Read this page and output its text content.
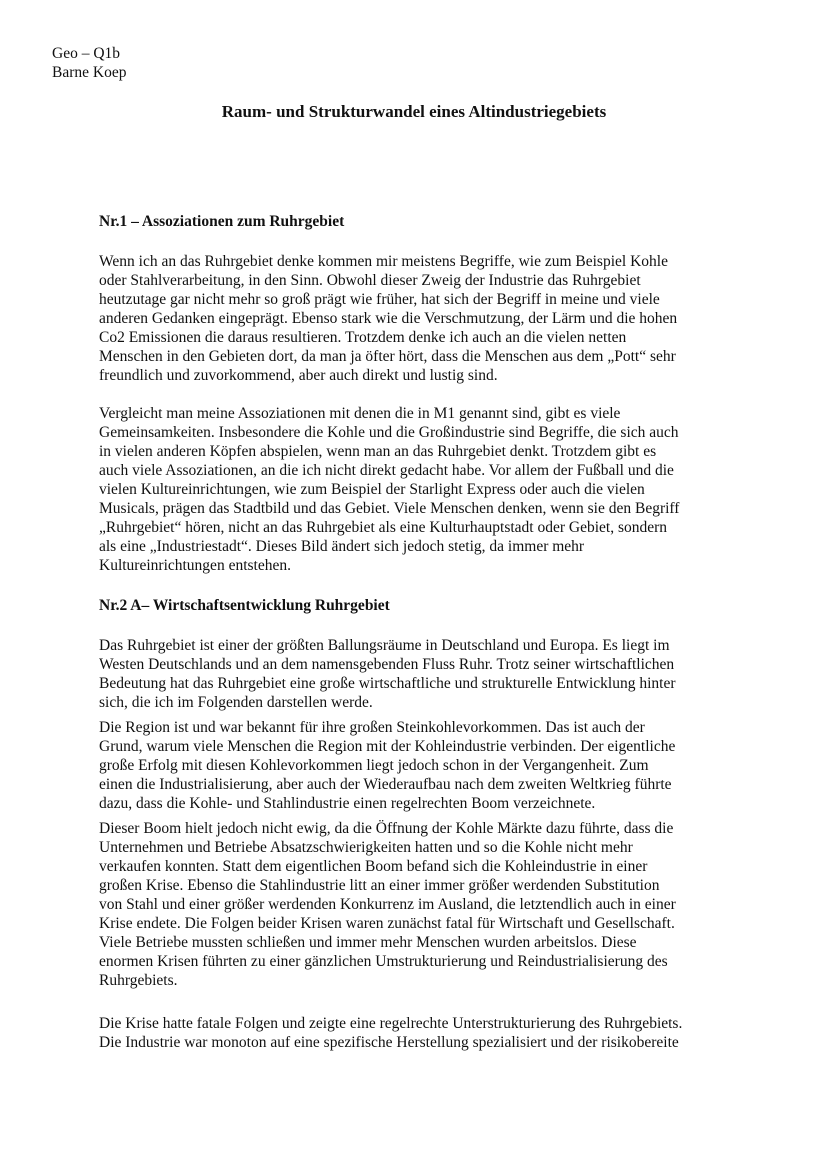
Geo – Q1b
Barne Koep
Raum- und Strukturwandel eines Altindustriegebiets
Nr.1 – Assoziationen zum Ruhrgebiet
Wenn ich an das Ruhrgebiet denke kommen mir meistens Begriffe, wie zum Beispiel Kohle
oder Stahlverarbeitung, in den Sinn. Obwohl dieser Zweig der Industrie das Ruhrgebiet
heutzutage gar nicht mehr so groß prägt wie früher, hat sich der Begriff in meine und viele
anderen Gedanken eingeprägt. Ebenso stark wie die Verschmutzung, der Lärm und die hohen
Co2 Emissionen die daraus resultieren. Trotzdem denke ich auch an die vielen netten
Menschen in den Gebieten dort, da man ja öfter hört, dass die Menschen aus dem „Pott“ sehr
freundlich und zuvorkommend, aber auch direkt und lustig sind.
Vergleicht man meine Assoziationen mit denen die in M1 genannt sind, gibt es viele
Gemeinsamkeiten. Insbesondere die Kohle und die Großindustrie sind Begriffe, die sich auch
in vielen anderen Köpfen abspielen, wenn man an das Ruhrgebiet denkt. Trotzdem gibt es
auch viele Assoziationen, an die ich nicht direkt gedacht habe. Vor allem der Fußball und die
vielen Kultureinrichtungen, wie zum Beispiel der Starlight Express oder auch die vielen
Musicals, prägen das Stadtbild und das Gebiet. Viele Menschen denken, wenn sie den Begriff
„Ruhrgebiet“ hören, nicht an das Ruhrgebiet als eine Kulturhauptstadt oder Gebiet, sondern
als eine „Industriestadt“. Dieses Bild ändert sich jedoch stetig, da immer mehr
Kultureinrichtungen entstehen.
Nr.2 A– Wirtschaftsentwicklung Ruhrgebiet
Das Ruhrgebiet ist einer der größten Ballungsräume in Deutschland und Europa. Es liegt im
Westen Deutschlands und an dem namensgebenden Fluss Ruhr. Trotz seiner wirtschaftlichen
Bedeutung hat das Ruhrgebiet eine große wirtschaftliche und strukturelle Entwicklung hinter
sich, die ich im Folgenden darstellen werde.
Die Region ist und war bekannt für ihre großen Steinkohlevorkommen. Das ist auch der
Grund, warum viele Menschen die Region mit der Kohleindustrie verbinden. Der eigentliche
große Erfolg mit diesen Kohlevorkommen liegt jedoch schon in der Vergangenheit. Zum
einen die Industrialisierung, aber auch der Wiederaufbau nach dem zweiten Weltkrieg führte
dazu, dass die Kohle- und Stahlindustrie einen regelrechten Boom verzeichnete.
Dieser Boom hielt jedoch nicht ewig, da die Öffnung der Kohle Märkte dazu führte, dass die
Unternehmen und Betriebe Absatzschwierigkeiten hatten und so die Kohle nicht mehr
verkaufen konnten. Statt dem eigentlichen Boom befand sich die Kohleindustrie in einer
großen Krise. Ebenso die Stahlindustrie litt an einer immer größer werdenden Substitution
von Stahl und einer größer werdenden Konkurrenz im Ausland, die letztendlich auch in einer
Krise endete. Die Folgen beider Krisen waren zunächst fatal für Wirtschaft und Gesellschaft.
Viele Betriebe mussten schließen und immer mehr Menschen wurden arbeitslos. Diese
enormen Krisen führten zu einer gänzlichen Umstrukturierung und Reindustrialisierung des
Ruhrgebiets.
Die Krise hatte fatale Folgen und zeigte eine regelrechte Unterstrukturierung des Ruhrgebiets.
Die Industrie war monoton auf eine spezifische Herstellung spezialisiert und der risikobereite
